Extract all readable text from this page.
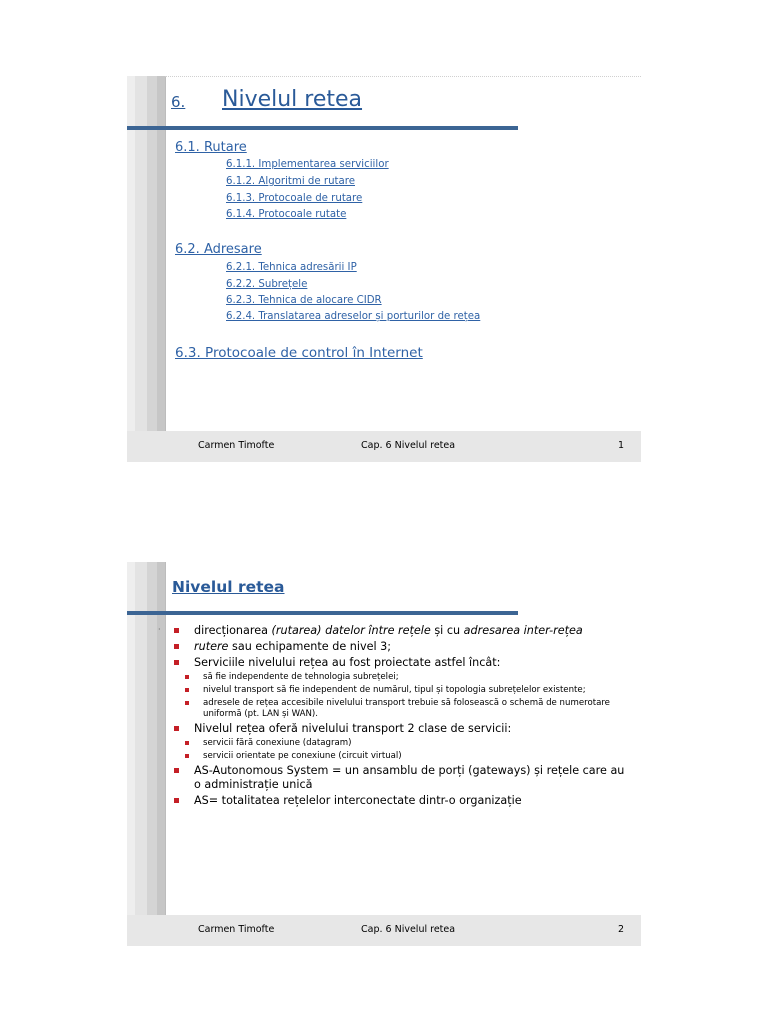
6. Nivelul retea
6.1. Rutare
6.1.1. Implementarea serviciilor
6.1.2. Algoritmi de rutare
6.1.3. Protocoale de rutare
6.1.4. Protocoale rutate
6.2. Adresare
6.2.1. Tehnica adresării IP
6.2.2. Subrețele
6.2.3. Tehnica de alocare CIDR
6.2.4. Translatarea adreselor și porturilor de rețea
6.3. Protocoale de control în Internet
Carmen Timofte	Cap. 6 Nivelul retea	1
Nivelul retea
·	direcționarea (rutarea) datelor între rețele și cu adresarea inter-rețea
rutere sau echipamente de nivel 3;
Serviciile nivelului rețea au fost proiectate astfel încât:
să fie independente de tehnologia subrețelei;
nivelul transport să fie independent de numărul, tipul și topologia subrețelelor existente;
adresele de rețea accesibile nivelului transport trebuie să folosească o schemă de numerotare uniformă (pt. LAN și WAN).
Nivelul rețea oferă nivelului transport 2 clase de servicii:
servicii fără conexiune (datagram)
servicii orientate pe conexiune (circuit virtual)
AS-Autonomous System = un ansamblu de porți (gateways) și rețele care au o administrație unică
AS= totalitatea rețelelor interconectate dintr-o organizație
Carmen Timofte	Cap. 6 Nivelul retea	2
